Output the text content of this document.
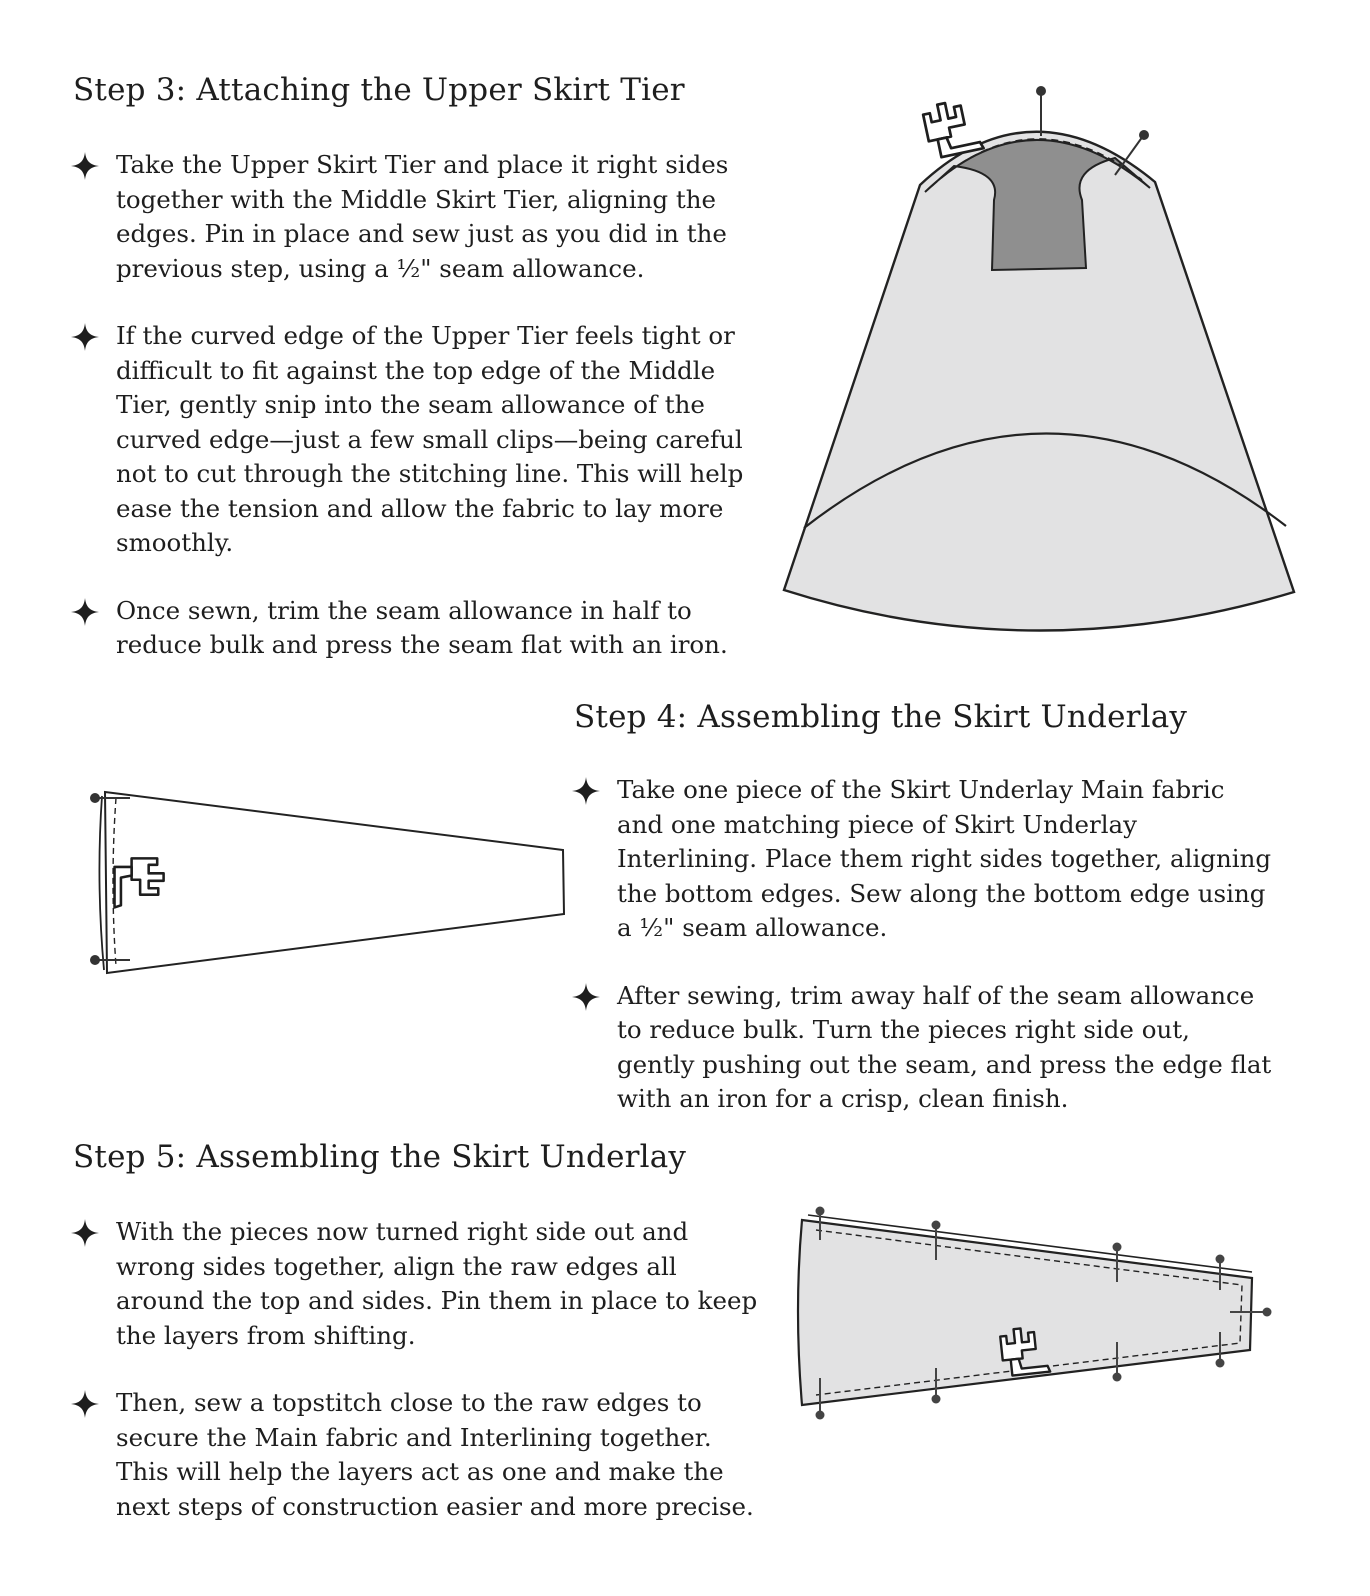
Step 3: Attaching the Upper Skirt Tier
Take the Upper Skirt Tier and place it right sides together with the Middle Skirt Tier, aligning the edges. Pin in place and sew just as you did in the previous step, using a ½" seam allowance.
If the curved edge of the Upper Tier feels tight or difficult to fit against the top edge of the Middle Tier, gently snip into the seam allowance of the curved edge—just a few small clips—being careful not to cut through the stitching line. This will help ease the tension and allow the fabric to lay more smoothly.
Once sewn, trim the seam allowance in half to reduce bulk and press the seam flat with an iron.
Step 4: Assembling the Skirt Underlay
Take one piece of the Skirt Underlay Main fabric and one matching piece of Skirt Underlay Interlining. Place them right sides together, aligning the bottom edges. Sew along the bottom edge using a ½" seam allowance.
After sewing, trim away half of the seam allowance to reduce bulk. Turn the pieces right side out, gently pushing out the seam, and press the edge flat with an iron for a crisp, clean finish.
Step 5: Assembling the Skirt Underlay
With the pieces now turned right side out and wrong sides together, align the raw edges all around the top and sides. Pin them in place to keep the layers from shifting.
Then, sew a topstitch close to the raw edges to secure the Main fabric and Interlining together. This will help the layers act as one and make the next steps of construction easier and more precise.
